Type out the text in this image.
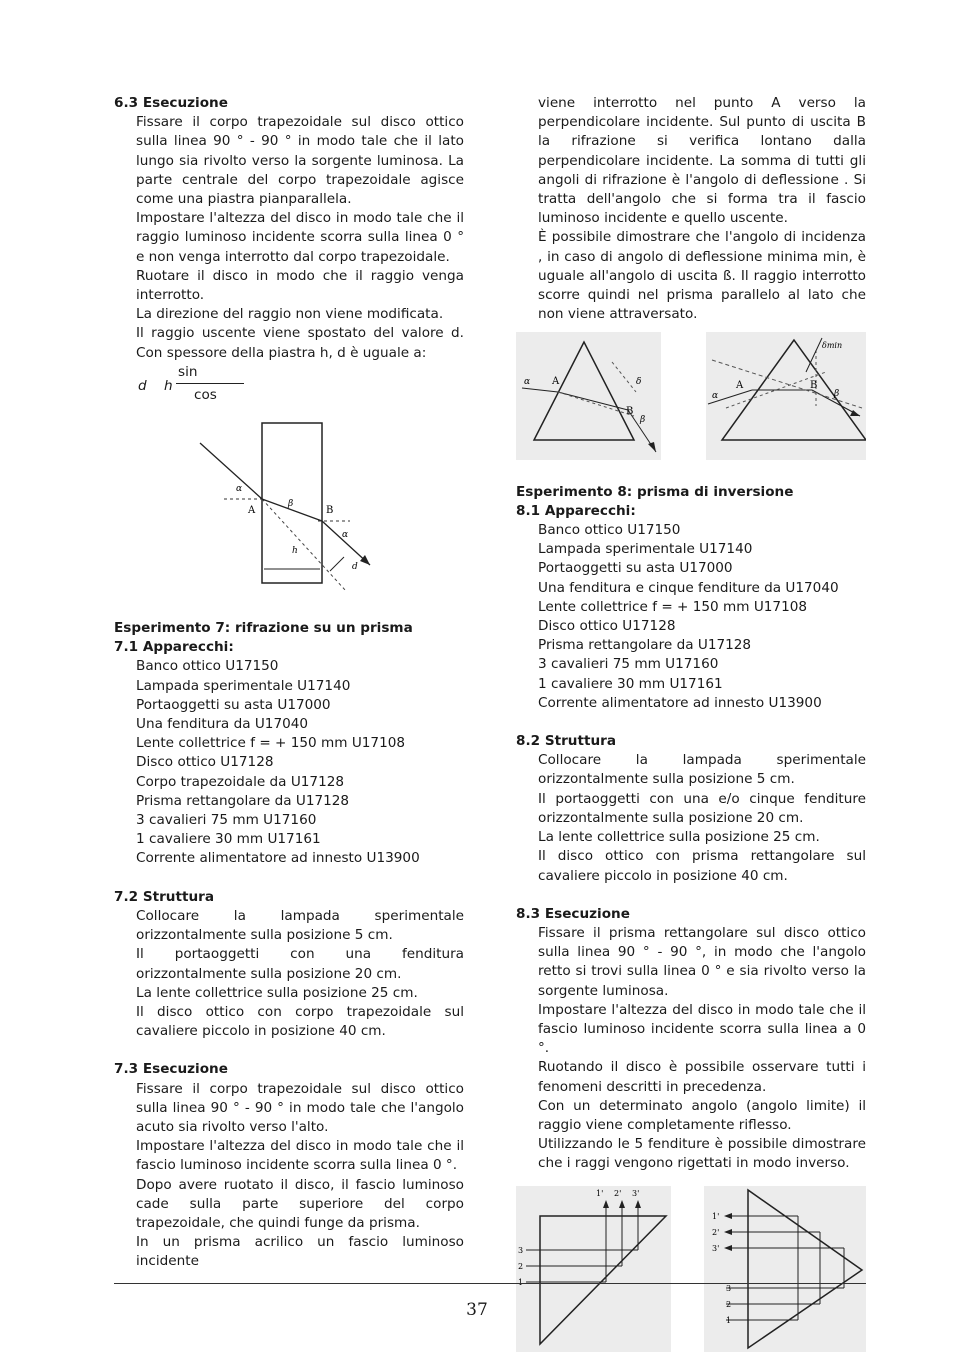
6.3 Esecuzione
Fissare il corpo trapezoidale sul disco ottico sulla linea 90 ° - 90 ° in modo tale che il lato lungo sia rivolto verso la sorgente luminosa. La parte centrale del corpo trapezoidale agisce come una piastra pianparallela.
Impostare l'altezza del disco in modo tale che il raggio luminoso incidente scorra sulla linea 0 ° e non venga interrotto dal corpo trapezoidale.
Ruotare il disco in modo che il raggio venga interrotto.
La direzione del raggio non viene modificata.
Il raggio uscente viene spostato del valore d. Con spessore della piastra h, d è uguale a:
d h
sin
cos
α
β
A	B
α
h
d
Esperimento 7: rifrazione su un prisma
7.1 Apparecchi:
Banco ottico U17150
Lampada sperimentale U17140
Portaoggetti su asta U17000
Una fenditura da U17040
Lente collettrice f = + 150 mm U17108
Disco ottico U17128
Corpo trapezoidale da U17128
Prisma rettangolare da U17128
3 cavalieri 75 mm U17160
1 cavaliere 30 mm U17161
Corrente alimentatore ad innesto U13900
7.2 Struttura
Collocare la lampada sperimentale orizzontalmente sulla posizione 5 cm.
Il portaoggetti con una fenditura orizzontalmente sulla posizione 20 cm.
La lente collettrice sulla posizione 25 cm.
Il disco ottico con corpo trapezoidale sul cavaliere piccolo in posizione 40 cm.
7.3 Esecuzione
Fissare il corpo trapezoidale sul disco ottico sulla linea 90 ° - 90 ° in modo tale che l'angolo acuto sia rivolto verso l'alto.
Impostare l'altezza del disco in modo tale che il fascio luminoso incidente scorra sulla linea 0 °.
Dopo avere ruotato il disco, il fascio luminoso cade sulla parte superiore del corpo trapezoidale, che quindi funge da prisma.
In un prisma acrilico un fascio luminoso incidente
viene interrotto nel punto A verso la perpendicolare incidente. Sul punto di uscita B la rifrazione si verifica lontano dalla perpendicolare incidente. La somma di tutti gli angoli di rifrazione è l'angolo di deflessione . Si tratta dell'angolo che si forma tra il fascio luminoso incidente e quello uscente.
È possibile dimostrare che l'angolo di incidenza , in caso di angolo di deflessione minima min, è uguale all'angolo di uscita ß. Il raggio interrotto scorre quindi nel prisma parallelo al lato che non viene attraversato.
α A
B
δ
β
α
A	B
β
δmin
Esperimento 8: prisma di inversione
8.1 Apparecchi:
Banco ottico U17150
Lampada sperimentale U17140
Portaoggetti su asta U17000
Una fenditura e cinque fenditure da U17040
Lente collettrice f = + 150 mm U17108
Disco ottico U17128
Prisma rettangolare da U17128
3 cavalieri 75 mm U17160
1 cavaliere 30 mm U17161
Corrente alimentatore ad innesto U13900
8.2 Struttura
Collocare la lampada sperimentale orizzontalmente sulla posizione 5 cm.
Il portaoggetti con una e/o cinque fenditure orizzontalmente sulla posizione 20 cm.
La lente collettrice sulla posizione 25 cm.
Il disco ottico con prisma rettangolare sul cavaliere piccolo in posizione 40 cm.
8.3 Esecuzione
Fissare il prisma rettangolare sul disco ottico sulla linea 90 ° - 90 °, in modo che l'angolo retto si trovi sulla linea 0 ° e sia rivolto verso la sorgente luminosa.
Impostare l'altezza del disco in modo tale che il fascio luminoso incidente scorra sulla linea a 0 °.
Ruotando il disco è possibile osservare tutti i fenomeni descritti in precedenza.
Con un determinato angolo (angolo limite) il raggio viene completamente riflesso.
Utilizzando le 5 fenditure è possibile dimostrare che i raggi vengono rigettati in modo inverso.
1' 2' 3'
2
3
1'
2'
3'
3
2
1
37
